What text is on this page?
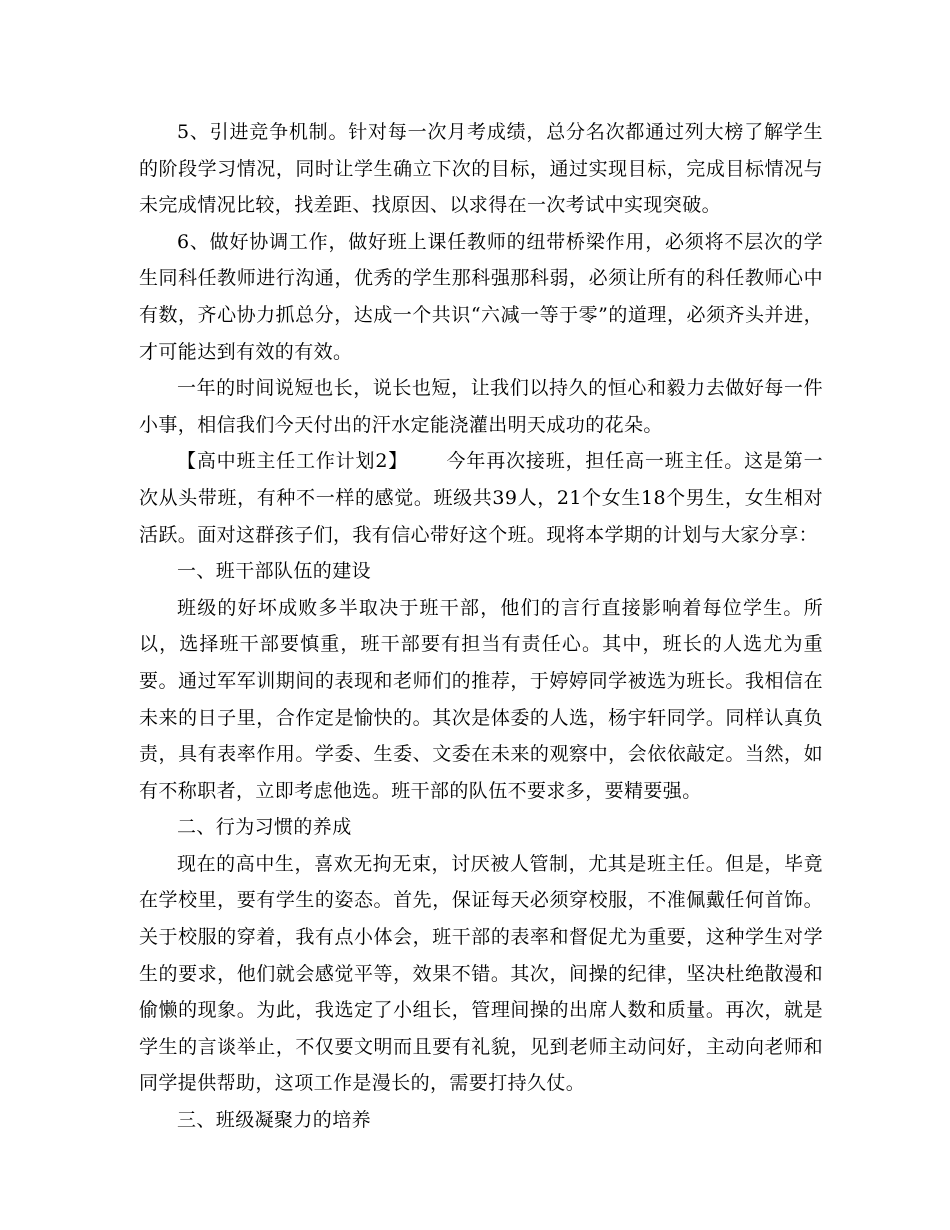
5、引进竞争机制。针对每一次月考成绩，总分名次都通过列大榜了解学生的阶段学习情况，同时让学生确立下次的目标，通过实现目标，完成目标情况与未完成情况比较，找差距、找原因、以求得在一次考试中实现突破。

6、做好协调工作，做好班上课任教师的纽带桥梁作用，必须将不层次的学生同科任教师进行沟通，优秀的学生那科强那科弱，必须让所有的科任教师心中有数，齐心协力抓总分，达成一个共识“六减一等于零”的道理，必须齐头并进，才可能达到有效的有效。

一年的时间说短也长，说长也短，让我们以持久的恒心和毅力去做好每一件小事，相信我们今天付出的汗水定能浇灌出明天成功的花朵。

【高中班主任工作计划2】 今年再次接班，担任高一班主任。这是第一次从头带班，有种不一样的感觉。班级共39人，21个女生18个男生，女生相对活跃。面对这群孩子们，我有信心带好这个班。现将本学期的计划与大家分享：

一、班干部队伍的建设

班级的好坏成败多半取决于班干部，他们的言行直接影响着每位学生。所以，选择班干部要慎重，班干部要有担当有责任心。其中，班长的人选尤为重要。通过军军训期间的表现和老师们的推荐，于婷婷同学被选为班长。我相信在未来的日子里，合作定是愉快的。其次是体委的人选，杨宇轩同学。同样认真负责，具有表率作用。学委、生委、文委在未来的观察中，会依依敲定。当然，如有不称职者，立即考虑他选。班干部的队伍不要求多，要精要强。

二、行为习惯的养成

现在的高中生，喜欢无拘无束，讨厌被人管制，尤其是班主任。但是，毕竟在学校里，要有学生的姿态。首先，保证每天必须穿校服，不准佩戴任何首饰。关于校服的穿着，我有点小体会，班干部的表率和督促尤为重要，这种学生对学生的要求，他们就会感觉平等，效果不错。其次，间操的纪律，坚决杜绝散漫和偷懒的现象。为此，我选定了小组长，管理间操的出席人数和质量。再次，就是学生的言谈举止，不仅要文明而且要有礼貌，见到老师主动问好，主动向老师和同学提供帮助，这项工作是漫长的，需要打持久仗。

三、班级凝聚力的培养
